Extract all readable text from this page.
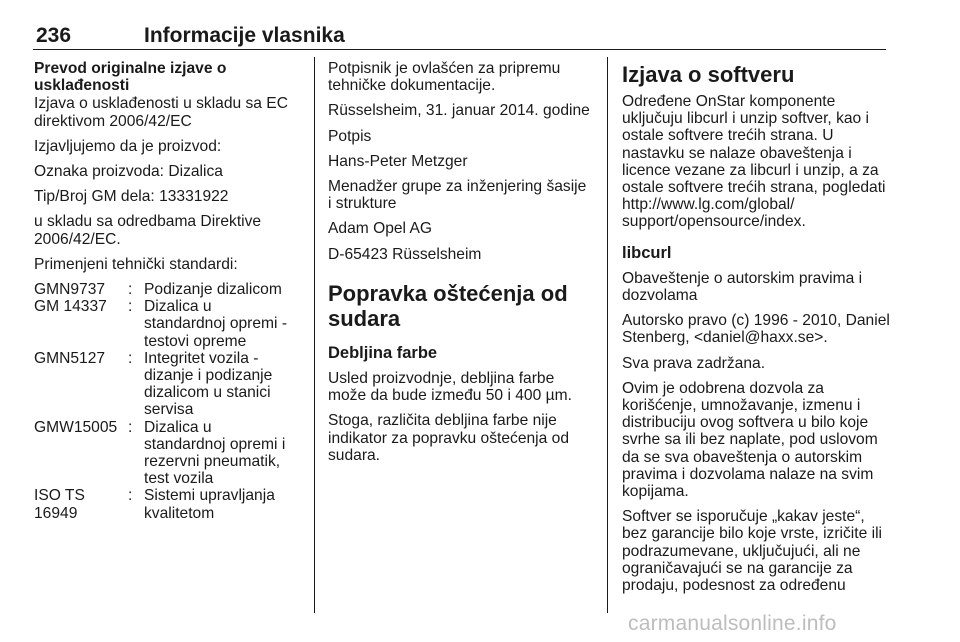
236	Informacije vlasnika

Prevod originalne izjave o usklađenosti

Izjava o usklađenosti u skladu sa EC direktivom 2006/42/EC

Izjavljujemo da je proizvod:

Oznaka proizvoda: Dizalica

Tip/Broj GM dela: 13331922

u skladu sa odredbama Direktive 2006/42/EC.

Primenjeni tehnički standardi:

GMN9737	:	Podizanje dizalicom
GM 14337	:	Dizalica u standardnoj opremi - testovi opreme
GMN5127	:	Integritet vozila - dizanje i podizanje dizalicom u stanici servisa
GMW15005	:	Dizalica u standardnoj opremi i rezervni pneumatik, test vozila
ISO TS 16949	:	Sistemi upravljanja kvalitetom

Potpisnik je ovlašćen za pripremu tehničke dokumentacije.

Rüsselsheim, 31. januar 2014. godine

Potpis

Hans-Peter Metzger

Menadžer grupe za inženjering šasije i strukture

Adam Opel AG

D-65423 Rüsselsheim

Popravka oštećenja od sudara
Debljina farbe

Usled proizvodnje, debljina farbe može da bude između 50 i 400 µm.

Stoga, različita debljina farbe nije indikator za popravku oštećenja od sudara.

Izjava o softveru

Određene OnStar komponente uključuju libcurl i unzip softver, kao i ostale softvere trećih strana. U nastavku se nalaze obaveštenja i licence vezane za libcurl i unzip, a za ostale softvere trećih strana, pogledati http://www.lg.com/global/ support/opensource/index.

libcurl

Obaveštenje o autorskim pravima i dozvolama

Autorsko pravo (c) 1996 - 2010, Daniel Stenberg, <daniel@haxx.se>.

Sva prava zadržana.

Ovim je odobrena dozvola za korišćenje, umnožavanje, izmenu i distribuciju ovog softvera u bilo koje svrhe sa ili bez naplate, pod uslovom da se sva obaveštenja o autorskim pravima i dozvolama nalaze na svim kopijama.

Softver se isporučuje „kakav jeste“, bez garancije bilo koje vrste, izričite ili podrazumevane, uključujući, ali ne ograničavajući se na garancije za prodaju, podesnost za određenu

carmanualsonline.info
